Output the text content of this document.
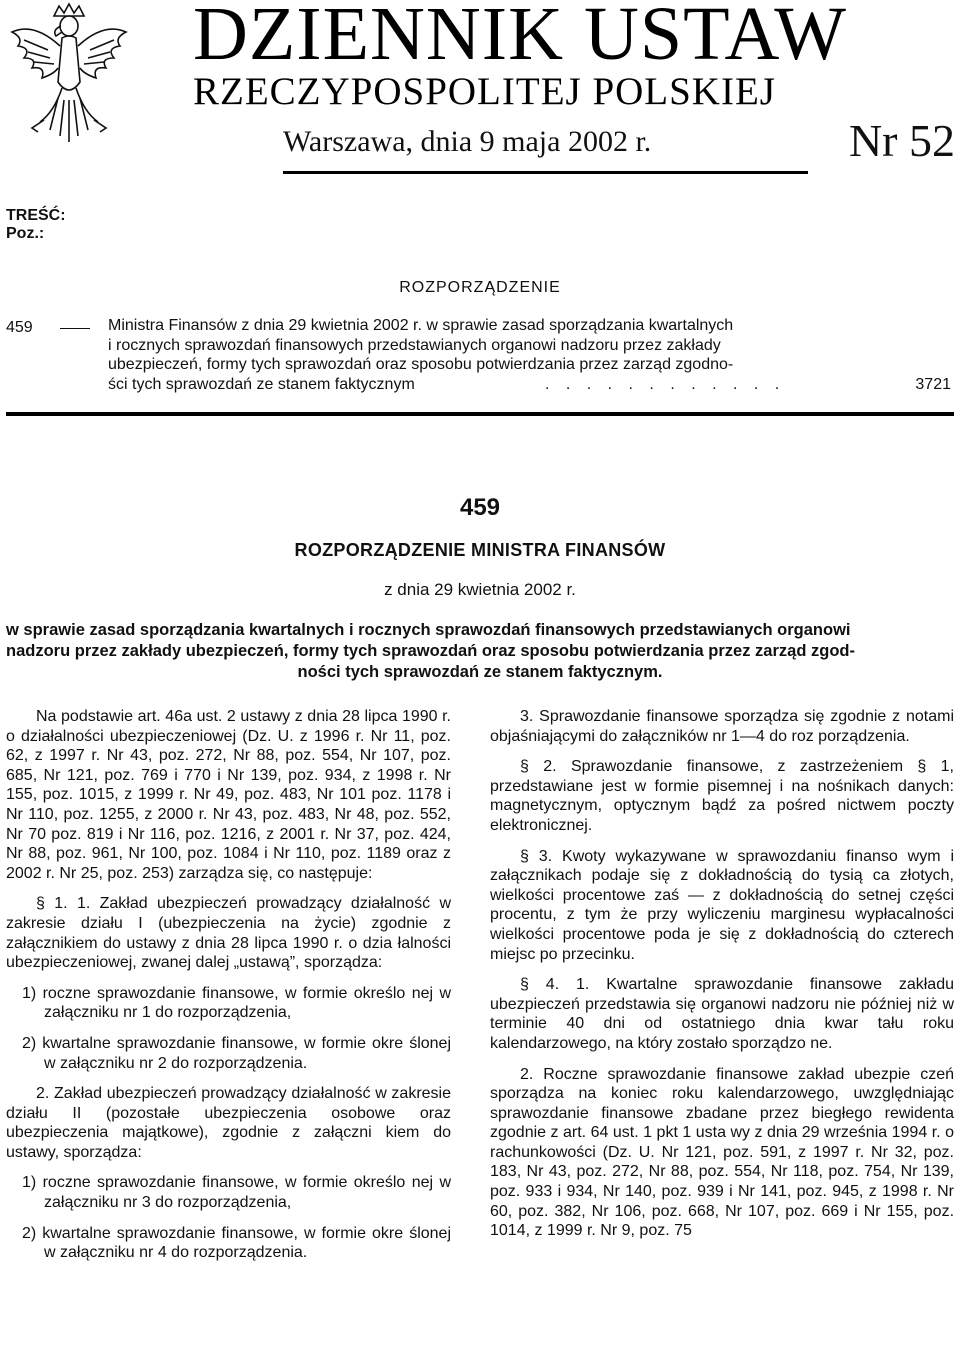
DZIENNIK USTAW
RZECZYPOSPOLITEJ POLSKIEJ
Warszawa, dnia 9 maja 2002 r.	Nr 52
TREŚĆ:
Poz.:
ROZPORZĄDZENIE
459	Ministra Finansów z dnia 29 kwietnia 2002 r. w sprawie zasad sporządzania kwartalnych
i rocznych sprawozdań finansowych przedstawianych organowi nadzoru przez zakłady
ubezpieczeń, formy tych sprawozdań oraz sposobu potwierdzania przez zarząd zgodno-
ści tych sprawozdań ze stanem faktycznym	. . . . . . . . . . . .	3721
459
ROZPORZĄDZENIE MINISTRA FINANSÓW
z dnia 29 kwietnia 2002 r.
w sprawie zasad sporządzania kwartalnych i rocznych sprawozdań finansowych przedstawianych organowi
nadzoru przez zakłady ubezpieczeń, formy tych sprawozdań oraz sposobu potwierdzania przez zarząd zgod-
ności tych sprawozdań ze stanem faktycznym.

Na podstawie art. 46a ust. 2 ustawy z dnia 28 lipca 1990 r. o działalności ubezpieczeniowej (Dz. U. z 1996 r. Nr 11, poz. 62, z 1997 r. Nr 43, poz. 272, Nr 88, poz. 554, Nr 107, poz. 685, Nr 121, poz. 769 i 770 i Nr 139, poz. 934, z 1998 r. Nr 155, poz. 1015, z 1999 r. Nr 49, poz. 483, Nr 101 poz. 1178 i Nr 110, poz. 1255, z 2000 r. Nr 43, poz. 483, Nr 48, poz. 552, Nr 70 poz. 819 i Nr 116, poz. 1216, z 2001 r. Nr 37, poz. 424, Nr 88, poz. 961, Nr 100, poz. 1084 i Nr 110, poz. 1189 oraz z 2002 r. Nr 25, poz. 253) zarządza się, co następuje:

§ 1. 1. Zakład ubezpieczeń prowadzący działalność w zakresie działu I (ubezpieczenia na życie) zgodnie z załącznikiem do ustawy z dnia 28 lipca 1990 r. o dzia łalności ubezpieczeniowej, zwanej dalej „ustawą”, sporządza:

1) roczne sprawozdanie finansowe, w formie określo nej w załączniku nr 1 do rozporządzenia,

2) kwartalne sprawozdanie finansowe, w formie okre ślonej w załączniku nr 2 do rozporządzenia.

2. Zakład ubezpieczeń prowadzący działalność w zakresie działu II (pozostałe ubezpieczenia osobowe oraz ubezpieczenia majątkowe), zgodnie z załączni kiem do ustawy, sporządza:

1) roczne sprawozdanie finansowe, w formie określo nej w załączniku nr 3 do rozporządzenia,

2) kwartalne sprawozdanie finansowe, w formie okre ślonej w załączniku nr 4 do rozporządzenia.

3. Sprawozdanie finansowe sporządza się zgodnie z notami objaśniającymi do załączników nr 1—4 do roz porządzenia.

§ 2. Sprawozdanie finansowe, z zastrzeżeniem § 1, przedstawiane jest w formie pisemnej i na nośnikach danych: magnetycznym, optycznym bądź za pośred nictwem poczty elektronicznej.

§ 3. Kwoty wykazywane w sprawozdaniu finanso wym i załącznikach podaje się z dokładnością do tysią ca złotych, wielkości procentowe zaś — z dokładnością do setnej części procentu, z tym że przy wyliczeniu marginesu wypłacalności wielkości procentowe poda je się z dokładnością do czterech miejsc po przecinku.

§ 4. 1. Kwartalne sprawozdanie finansowe zakładu ubezpieczeń przedstawia się organowi nadzoru nie później niż w terminie 40 dni od ostatniego dnia kwar tału roku kalendarzowego, na który zostało sporządzo ne.

2. Roczne sprawozdanie finansowe zakład ubezpie czeń sporządza na koniec roku kalendarzowego, uwzględniając sprawozdanie finansowe zbadane przez biegłego rewidenta zgodnie z art. 64 ust. 1 pkt 1 usta wy z dnia 29 września 1994 r. o rachunkowości (Dz. U. Nr 121, poz. 591, z 1997 r. Nr 32, poz. 183, Nr 43, poz. 272, Nr 88, poz. 554, Nr 118, poz. 754, Nr 139, poz. 933 i 934, Nr 140, poz. 939 i Nr 141, poz. 945, z 1998 r. Nr 60, poz. 382, Nr 106, poz. 668, Nr 107, poz. 669 i Nr 155, poz. 1014, z 1999 r. Nr 9, poz. 75
